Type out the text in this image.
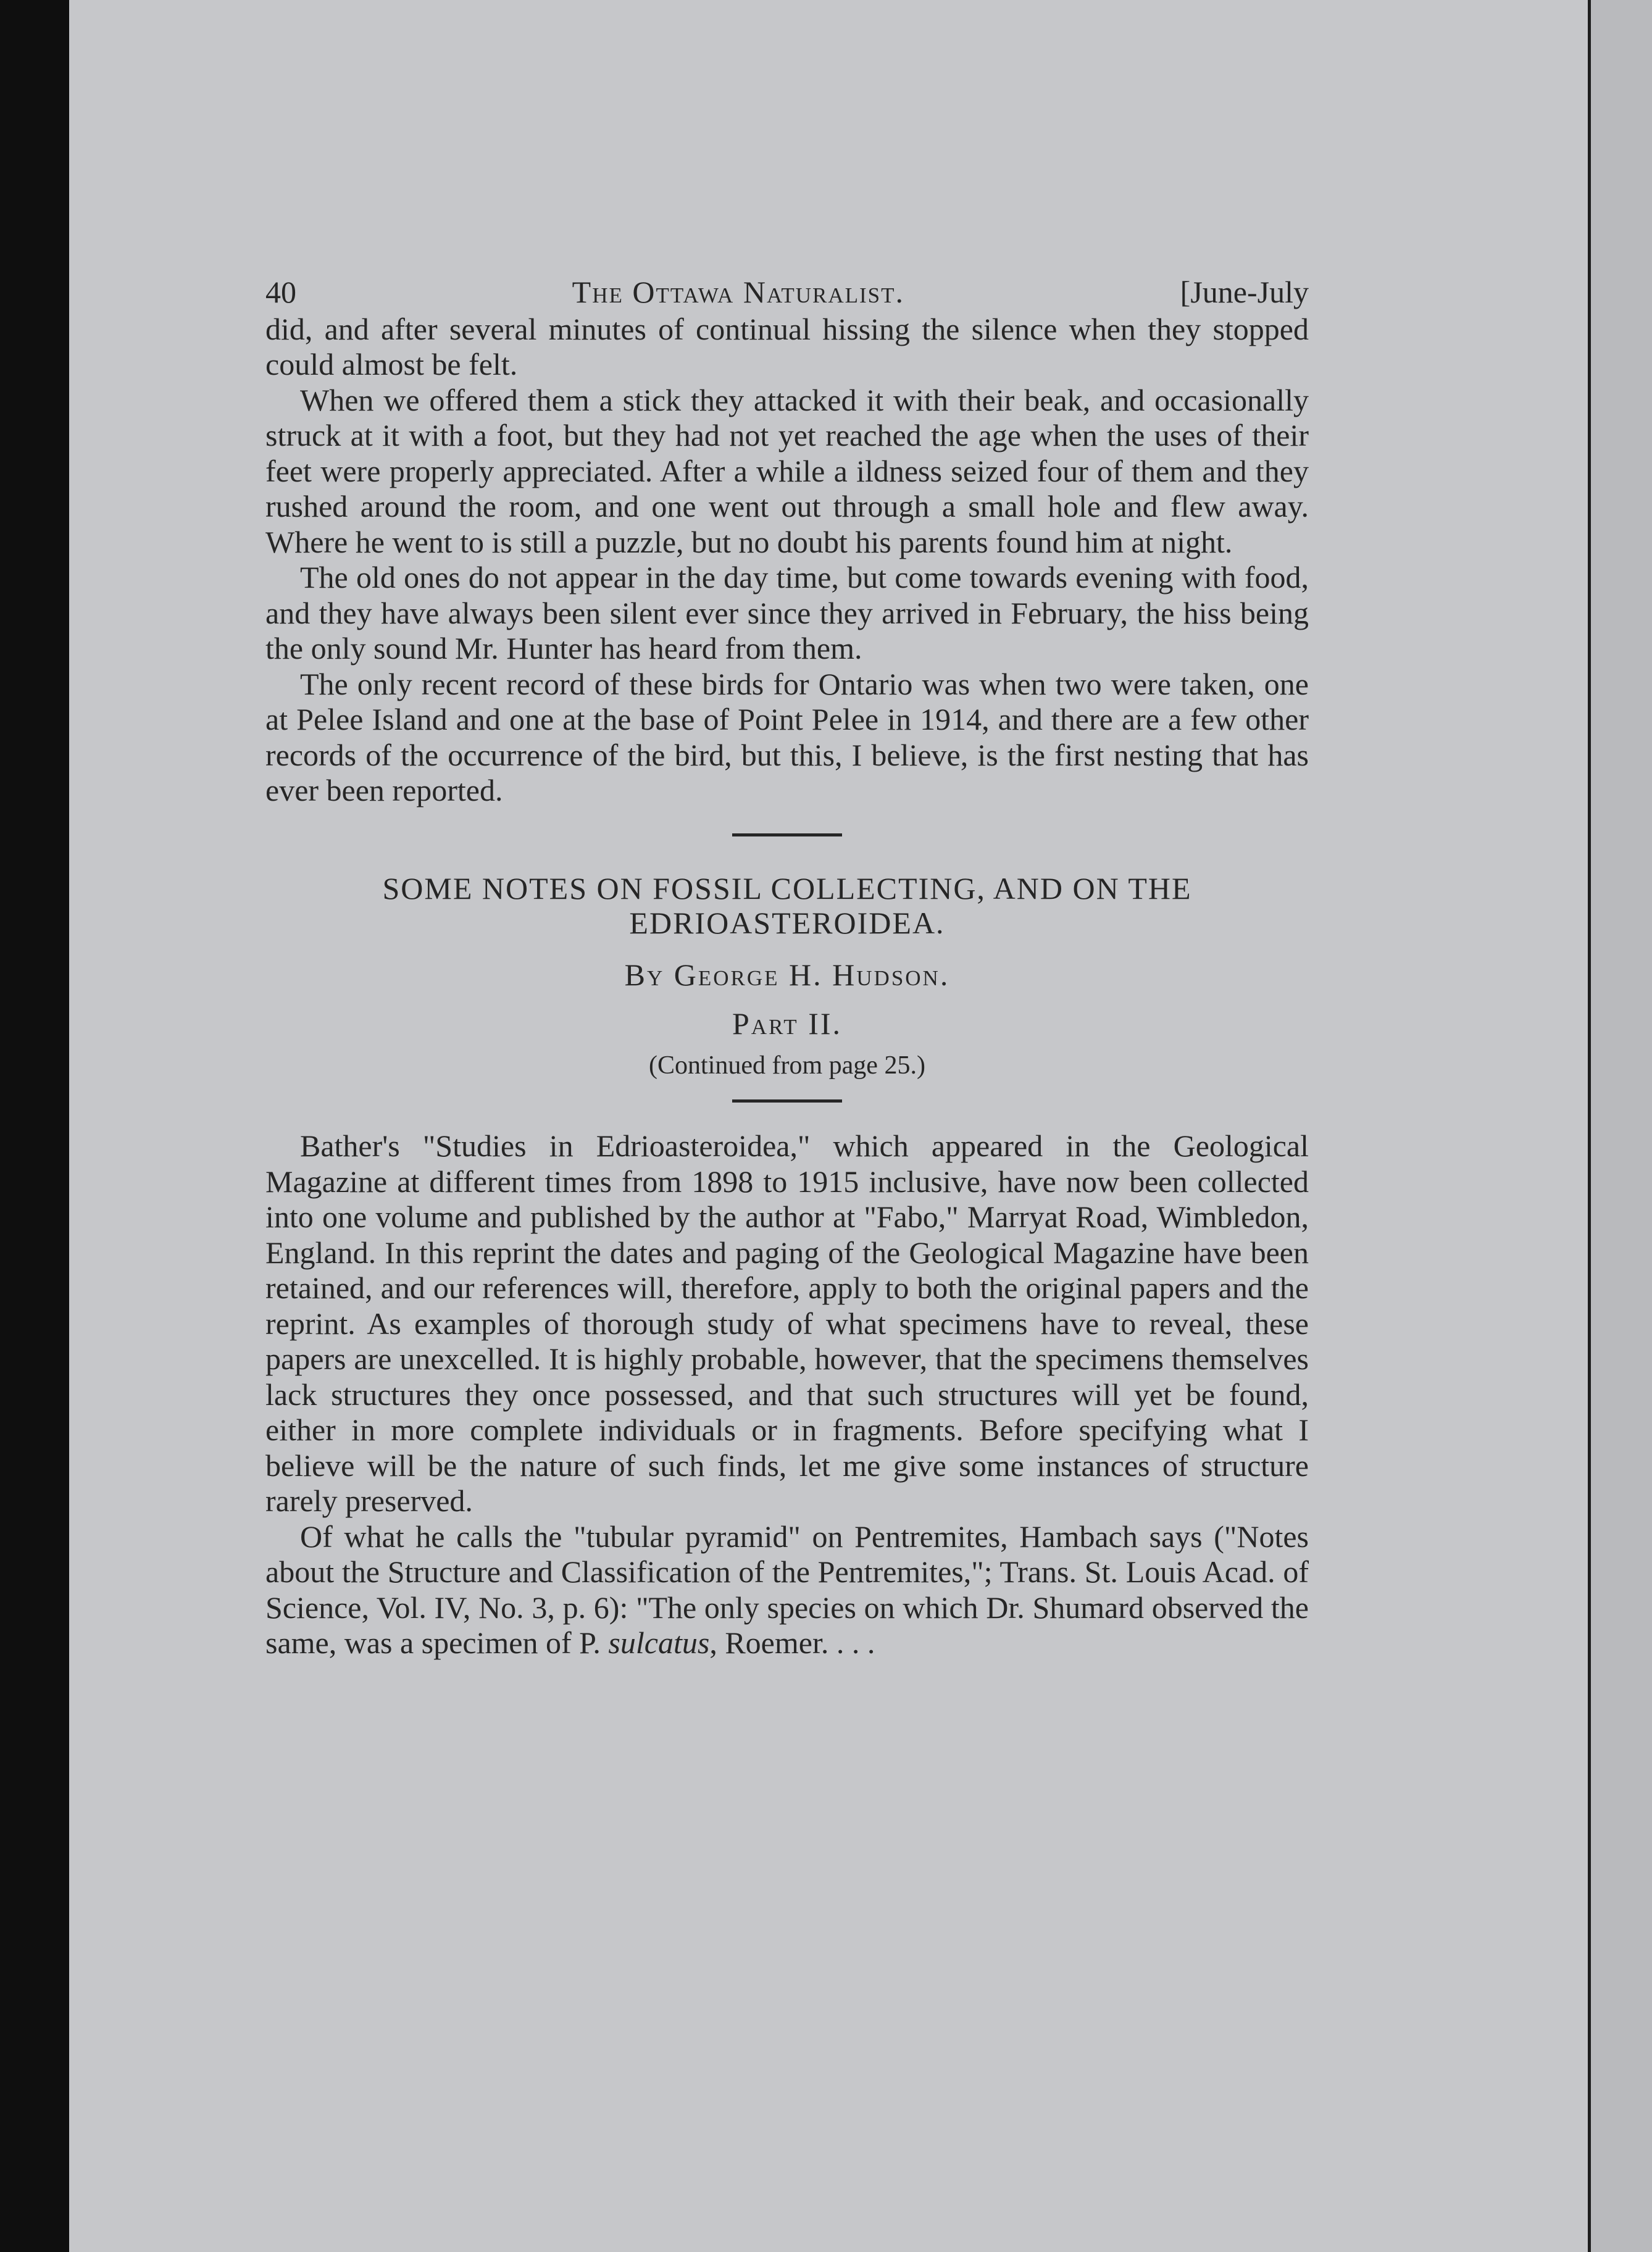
40	The Ottawa Naturalist.	[June-July

did, and after several minutes of continual hissing the silence when they stopped could almost be felt.

When we offered them a stick they attacked it with their beak, and occasionally struck at it with a foot, but they had not yet reached the age when the uses of their feet were properly appreciated. After a while a ildness seized four of them and they rushed around the room, and one went out through a small hole and flew away. Where he went to is still a puzzle, but no doubt his parents found him at night.

The old ones do not appear in the day time, but come towards evening with food, and they have always been silent ever since they arrived in February, the hiss being the only sound Mr. Hunter has heard from them.

The only recent record of these birds for Ontario was when two were taken, one at Pelee Island and one at the base of Point Pelee in 1914, and there are a few other records of the occurrence of the bird, but this, I believe, is the first nesting that has ever been reported.

SOME NOTES ON FOSSIL COLLECTING, AND ON THE EDRIOASTEROIDEA.
By George H. Hudson.
Part II.
(Continued from page 25.)

Bather's "Studies in Edrioasteroidea," which appeared in the Geological Magazine at different times from 1898 to 1915 inclusive, have now been collected into one volume and published by the author at "Fabo," Marryat Road, Wimbledon, England. In this reprint the dates and paging of the Geological Magazine have been retained, and our references will, therefore, apply to both the original papers and the reprint. As examples of thorough study of what specimens have to reveal, these papers are unexcelled. It is highly probable, however, that the specimens themselves lack structures they once possessed, and that such structures will yet be found, either in more complete individuals or in fragments. Before specifying what I believe will be the nature of such finds, let me give some instances of structure rarely preserved.

Of what he calls the "tubular pyramid" on Pentremites, Hambach says ("Notes about the Structure and Classification of the Pentremites,"; Trans. St. Louis Acad. of Science, Vol. IV, No. 3, p. 6): "The only species on which Dr. Shumard observed the same, was a specimen of P. sulcatus, Roemer. . . .
